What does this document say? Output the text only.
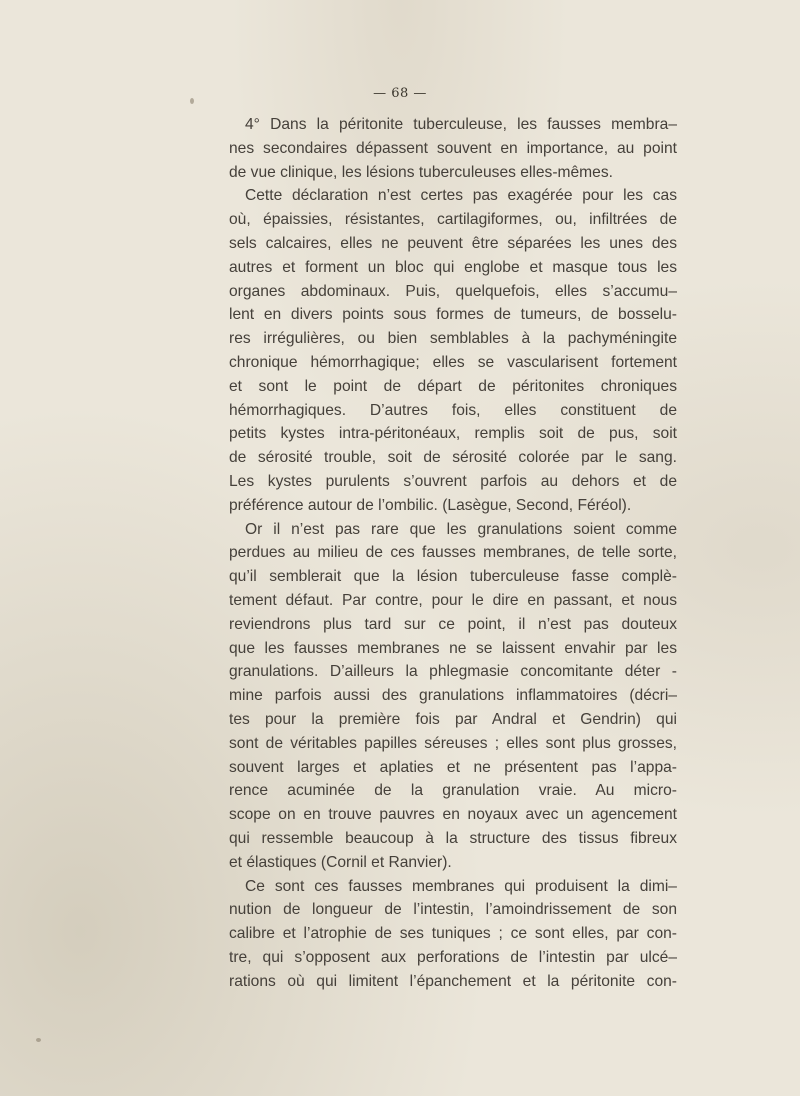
— 68 —
4° Dans la péritonite tuberculeuse, les fausses membra–
nes secondaires dépassent souvent en importance, au point
de vue clinique, les lésions tuberculeuses elles-mêmes.
Cette déclaration n’est certes pas exagérée pour les cas
où, épaissies, résistantes, cartilagiformes, ou, infiltrées de
sels calcaires, elles ne peuvent être séparées les unes des
autres et forment un bloc qui englobe et masque tous les
organes abdominaux. Puis, quelquefois, elles s’accumu–
lent en divers points sous formes de tumeurs, de bosselu-
res irrégulières, ou bien semblables à la pachyméningite
chronique hémorrhagique; elles se vascularisent fortement
et sont le point de départ de péritonites chroniques
hémorrhagiques. D’autres fois, elles constituent de
petits kystes intra-péritonéaux, remplis soit de pus, soit
de sérosité trouble, soit de sérosité colorée par le sang.
Les kystes purulents s’ouvrent parfois au dehors et de
préférence autour de l’ombilic. (Lasègue, Second, Féréol).
Or il n’est pas rare que les granulations soient comme
perdues au milieu de ces fausses membranes, de telle sorte,
qu’il semblerait que la lésion tuberculeuse fasse complè-
tement défaut. Par contre, pour le dire en passant, et nous
reviendrons plus tard sur ce point, il n’est pas douteux
que les fausses membranes ne se laissent envahir par les
granulations. D’ailleurs la phlegmasie concomitante déter -
mine parfois aussi des granulations inflammatoires (décri–
tes pour la première fois par Andral et Gendrin) qui
sont de véritables papilles séreuses ; elles sont plus grosses,
souvent larges et aplaties et ne présentent pas l’appa-
rence acuminée de la granulation vraie. Au micro-
scope on en trouve pauvres en noyaux avec un agencement
qui ressemble beaucoup à la structure des tissus fibreux
et élastiques (Cornil et Ranvier).
Ce sont ces fausses membranes qui produisent la dimi–
nution de longueur de l’intestin, l’amoindrissement de son
calibre et l’atrophie de ses tuniques ; ce sont elles, par con-
tre, qui s’opposent aux perforations de l’intestin par ulcé–
rations où qui limitent l’épanchement et la péritonite con-
